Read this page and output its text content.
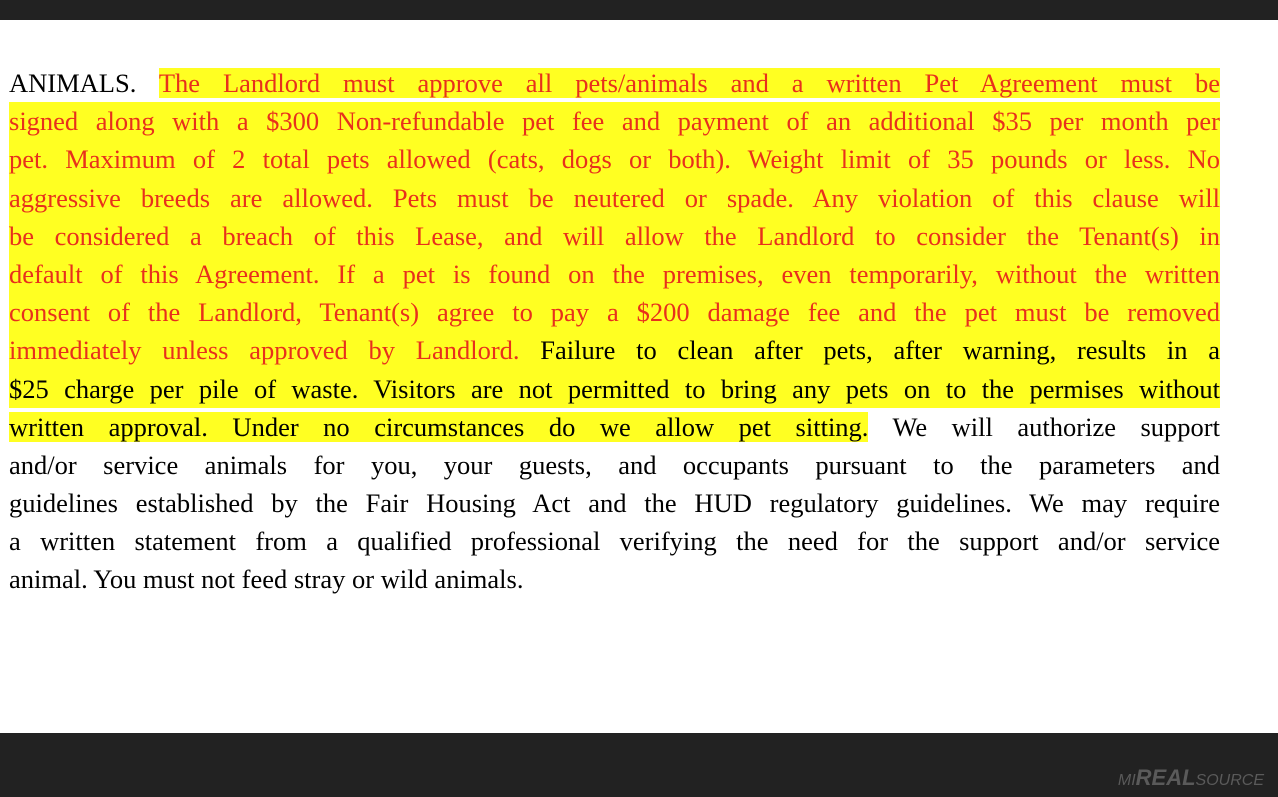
ANIMALS. The Landlord must approve all pets/animals and a written Pet Agreement must be
signed along with a $300 Non-refundable pet fee and payment of an additional $35 per month per
pet. Maximum of 2 total pets allowed (cats, dogs or both). Weight limit of 35 pounds or less. No
aggressive breeds are allowed. Pets must be neutered or spade. Any violation of this clause will
be considered a breach of this Lease, and will allow the Landlord to consider the Tenant(s) in
default of this Agreement. If a pet is found on the premises, even temporarily, without the written
consent of the Landlord, Tenant(s) agree to pay a $200 damage fee and the pet must be removed
immediately unless approved by Landlord. Failure to clean after pets, after warning, results in a
$25 charge per pile of waste. Visitors are not permitted to bring any pets on to the permises without
written approval. Under no circumstances do we allow pet sitting. We will authorize support
and/or service animals for you, your guests, and occupants pursuant to the parameters and
guidelines established by the Fair Housing Act and the HUD regulatory guidelines. We may require
a written statement from a qualified professional verifying the need for the support and/or service
animal. You must not feed stray or wild animals.
MIREALSOURCE
